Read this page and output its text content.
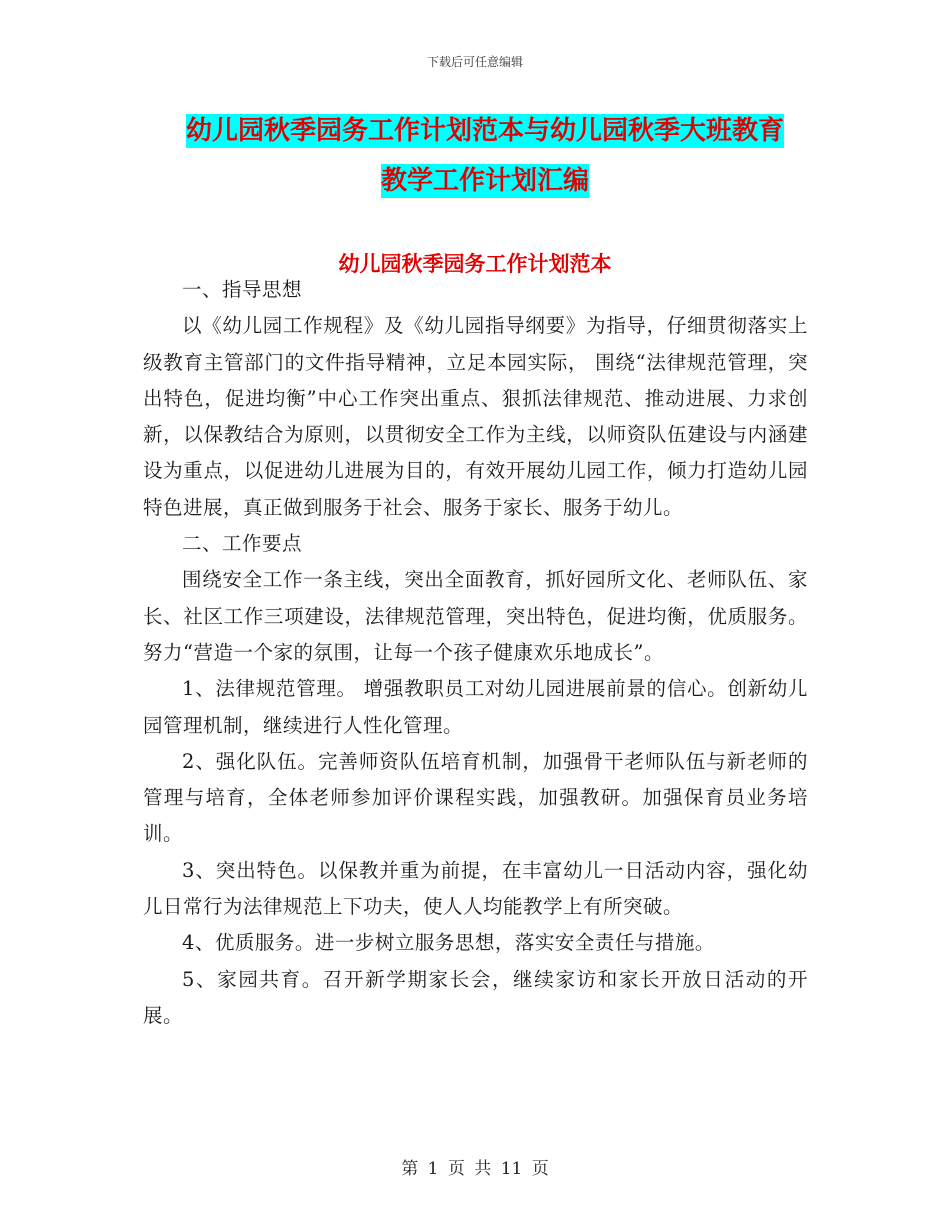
下载后可任意编辑
幼儿园秋季园务工作计划范本与幼儿园秋季大班教育
教学工作计划汇编
幼儿园秋季园务工作计划范本

一、指导思想

以《幼儿园工作规程》及《幼儿园指导纲要》为指导，仔细贯彻落实上级教育主管部门的文件指导精神，立足本园实际， 围绕“法律规范管理，突出特色，促进均衡”中心工作突出重点、狠抓法律规范、推动进展、力求创新，以保教结合为原则，以贯彻安全工作为主线，以师资队伍建设与内涵建设为重点，以促进幼儿进展为目的，有效开展幼儿园工作，倾力打造幼儿园特色进展，真正做到服务于社会、服务于家长、服务于幼儿。

二、工作要点

围绕安全工作一条主线，突出全面教育，抓好园所文化、老师队伍、家长、社区工作三项建设，法律规范管理，突出特色，促进均衡，优质服务。努力“营造一个家的氛围，让每一个孩子健康欢乐地成长”。

1、法律规范管理。 增强教职员工对幼儿园进展前景的信心。创新幼儿园管理机制，继续进行人性化管理。

2、强化队伍。完善师资队伍培育机制，加强骨干老师队伍与新老师的管理与培育，全体老师参加评价课程实践，加强教研。加强保育员业务培训。

3、突出特色。以保教并重为前提，在丰富幼儿一日活动内容，强化幼儿日常行为法律规范上下功夫，使人人均能教学上有所突破。

4、优质服务。进一步树立服务思想，落实安全责任与措施。

5、家园共育。召开新学期家长会，继续家访和家长开放日活动的开展。

第 1 页 共 11 页
